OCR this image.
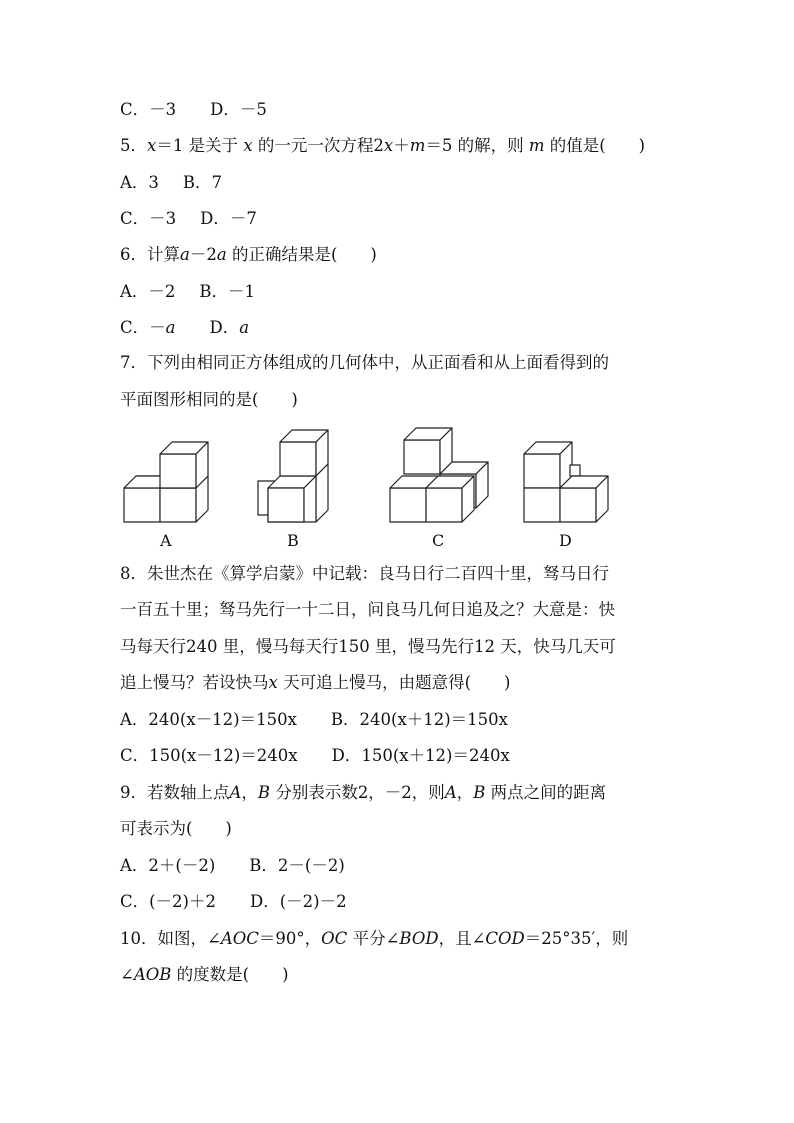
C．－3 D．－5
5．x＝1 是关于 x 的一元一次方程2x＋m＝5 的解，则 m 的值是(　　)
A．3 B．7
C．－3 D．－7
6．计算a－2a 的正确结果是(　　)
A．－2 B．－1
C．－a D．a
7．下列由相同正方体组成的几何体中，从正面看和从上面看得到的
平面图形相同的是(　　)
A	B	C	D
8．朱世杰在《算学启蒙》中记载：良马日行二百四十里，驽马日行
一百五十里；驽马先行一十二日，问良马几何日追及之？大意是：快
马每天行240 里，慢马每天行150 里，慢马先行12 天，快马几天可
追上慢马？若设快马x 天可追上慢马，由题意得(　　)
A．240(x－12)＝150x B．240(x＋12)＝150x
C．150(x－12)＝240x D．150(x＋12)＝240x
9．若数轴上点A，B 分别表示数2，－2，则A，B 两点之间的距离
可表示为(　　)
A．2＋(－2) B．2－(－2)
C．(－2)＋2 D．(－2)－2
10．如图，∠AOC＝90°，OC 平分∠BOD，且∠COD＝25°35′，则
∠AOB 的度数是(　　)
